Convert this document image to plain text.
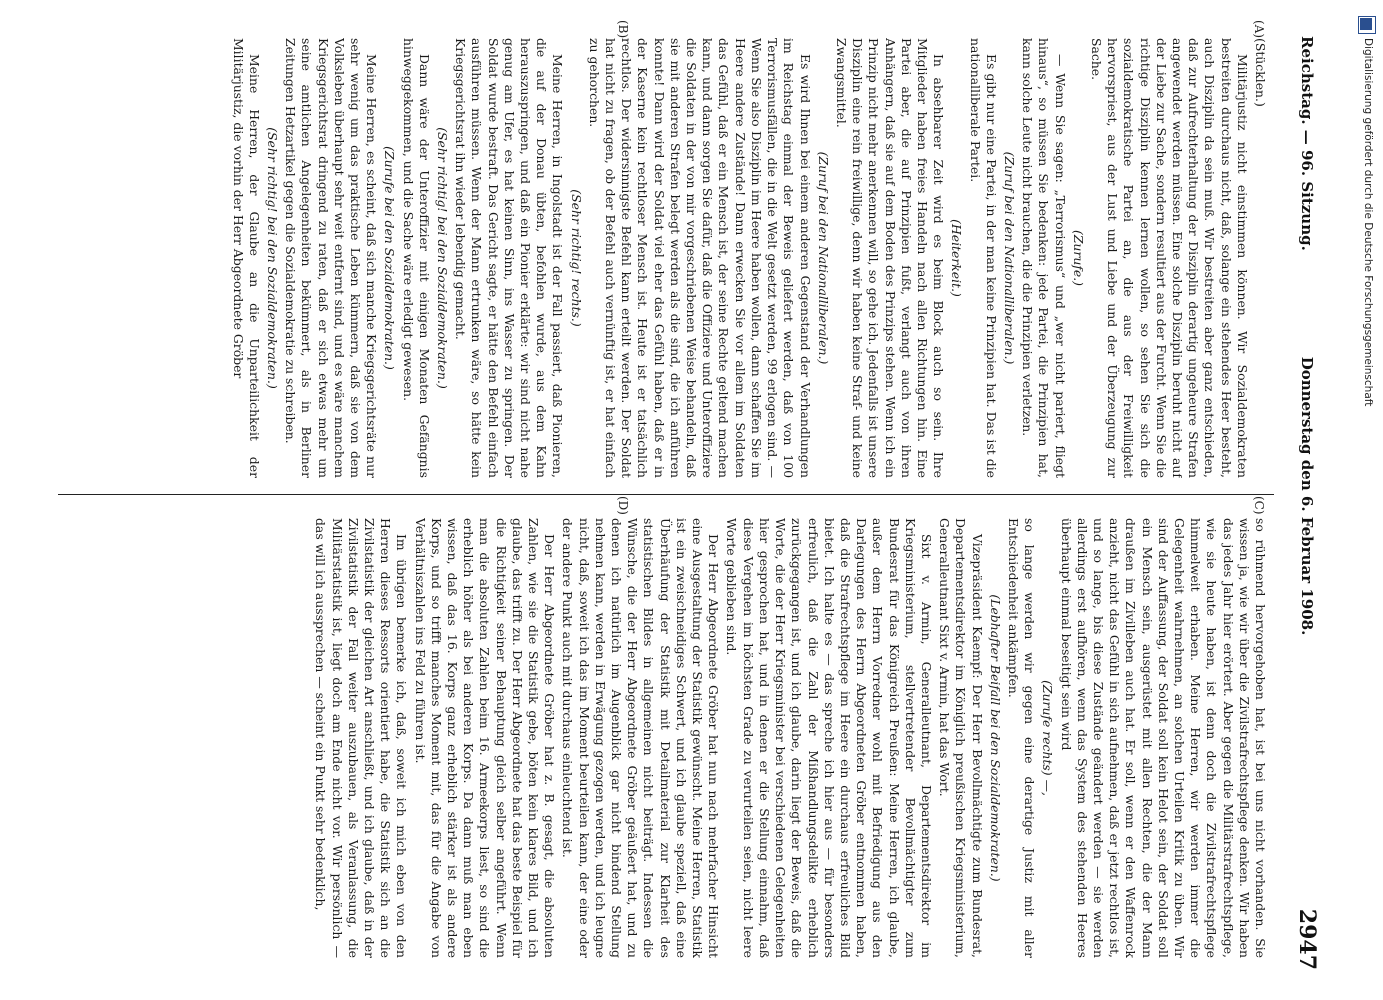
Reichstag. — 96. Sitzung.
Donnerstag den 6. Februar 1908.
2947
(A)
(B)
(C)
(D)

(Stücklen.)

Militärjustiz nicht einstimmen können. Wir Sozialdemokraten bestreiten durchaus nicht, daß, solange ein stehendes Heer besteht, auch Disziplin da sein muß. Wir bestreiten aber ganz entschieden, daß zur Aufrechterhaltung der Disziplin derartig ungeheure Strafen angewendet werden müssen. Eine solche Disziplin beruht nicht auf der Liebe zur Sache, sondern resultiert aus der Furcht. Wenn Sie die richtige Disziplin kennen lernen wollen, so sehen Sie sich die sozialdemokratische Partei an, die aus der Freiwilligkeit hervorspriest, aus der Lust und Liebe und der Überzeugung zur Sache.

(Zurufe.)

— Wenn Sie sagen: „Terrorismus“ und „wer nicht pariert, fliegt hinaus“, so müssen Sie bedenken: jede Partei, die Prinzipien hat, kann solche Leute nicht brauchen, die die Prinzipien verletzen.

(Zuruf bei den Nationalliberalen.)

Es gibt nur eine Partei, in der man keine Prinzipien hat. Das ist die nationalliberale Partei.

(Heiterkeit.)

In absehbarer Zeit wird es beim Block auch so sein. Ihre Mitglieder haben freies Handeln nach allen Richtungen hin. Eine Partei aber, die auf Prinzipien fußt, verlangt auch von ihren Anhängern, daß sie auf dem Boden des Prinzips stehen. Wenn ich ein Prinzip nicht mehr anerkennen will, so gehe ich. Jedenfalls ist unsere Disziplin eine rein freiwillige, denn wir haben keine Straf- und keine Zwangsmittel.

(Zuruf bei den Nationalliberalen.)

Es wird Ihnen bei einem anderen Gegenstand der Verhandlungen im Reichstag einmal der Beweis geliefert werden, daß von 100 Terrorismusfällen, die in die Welt gesetzt werden, 99 erlogen sind. — Wenn Sie also Disziplin im Heere haben wollen, dann schaffen Sie im Heere andere Zustände! Dann erwecken Sie vor allem im Soldaten das Gefühl, daß er ein Mensch ist, der seine Rechte geltend machen kann, und dann sorgen Sie dafür, daß die Offiziere und Unteroffiziere die Soldaten in der von mir vorgeschriebenen Weise behandeln, daß sie mit anderen Strafen belegt werden als die sind, die ich anführen konnte! Dann wird der Soldat viel eher das Gefühl haben, daß er in der Kaserne kein rechtloser Mensch ist. Heute ist er tatsächlich rechtlos. Der widersinnigste Befehl kann erteilt werden. Der Soldat hat nicht zu fragen, ob der Befehl auch vernünftig ist, er hat einfach zu gehorchen.

(Sehr richtig! rechts.)

Meine Herren, in Ingolstadt ist der Fall passiert, daß Pionieren, die auf der Donau übten, befohlen wurde, aus dem Kahn herauszuspringen, und daß ein Pionier erklärte: wir sind nicht nahe genug am Ufer, es hat keinen Sinn, ins Wasser zu springen. Der Soldat wurde bestraft. Das Gericht sagte, er hätte den Befehl einfach ausführen müssen. Wenn der Mann ertrunken wäre, so hätte kein Kriegsgerichtsrat ihn wieder lebendig gemacht.

(Sehr richtig! bei den Sozialdemokraten.)

Dann wäre der Unteroffizier mit einigen Monaten Gefängnis hinweggekommen, und die Sache wäre erledigt gewesen.

(Zurufe bei den Sozialdemokraten.)

Meine Herren, es scheint, daß sich manche Kriegsgerichtsräte nur sehr wenig um das praktische Leben kümmern, daß sie von dem Volksleben überhaupt sehr weit entfernt sind, und es wäre manchem Kriegsgerichtsrat dringend zu raten, daß er sich etwas mehr um seine amtlichen Angelegenheiten bekümmert, als in Berliner Zeitungen Hetzartikel gegen die Sozialdemokratie zu schreiben.

(Sehr richtig! bei den Sozialdemokraten.)

Meine Herren, der Glaube an die Unparteilichkeit der Militärjustiz, die vorhin der Herr Abgeordnete Gröber

so rühmend hervorgehoben hat, ist bei uns nicht vorhanden. Sie wissen ja, wie wir über die Zivilstrafrechtspflege denken. Wir haben das jedes Jahr hier erörtert. Aber gegen die Militärstrafrechtspflege, wie sie heute haben, ist denn doch die Zivilstrafrechtspflege himmelweit erhaben. Meine Herren, wir werden immer die Gelegenheit wahrnehmen, an solchen Urteilen Kritik zu üben. Wir sind der Auffassung, der Soldat soll kein Helot sein, der Soldat soll ein Mensch sein, ausgerüstet mit allen Rechten, die der Mann draußen im Zivilleben auch hat. Er soll, wenn er den Waffenrock anzieht, nicht das Gefühl in sich aufnehmen, daß er jetzt rechtlos ist, und so lange, bis diese Zustände geändert werden — sie werden allerdings erst aufhören, wenn das System des stehenden Heeres überhaupt einmal beseitigt sein wird

(Zurufe rechts) —,

so lange werden wir gegen eine derartige Justiz mit aller Entschiedenheit ankämpfen.

(Lebhafter Beifall bei den Sozialdemokraten.)

Vizepräsident Kaempf: Der Herr Bevollmächtigte zum Bundesrat, Departementsdirektor im Königlich preußischen Kriegsministerium, Generalleutnant Sixt v. Armin, hat das Wort.

Sixt v. Armin, Generalleutnant, Departementsdirektor im Kriegsministerium, stellvertretender Bevollmächtigter zum Bundesrat für das Königreich Preußen: Meine Herren, ich glaube, außer dem Herrn Vorredner wohl mit Befriedigung aus den Darlegungen des Herrn Abgeordneten Gröber entnommen haben, daß die Strafrechtspflege im Heere ein durchaus erfreuliches Bild bietet. Ich halte es — das spreche ich hier aus — für besonders erfreulich, daß die Zahl der Mißhandlungsdelikte erheblich zurückgegangen ist, und ich glaube, darin liegt der Beweis, daß die Worte, die der Herr Kriegsminister bei verschiedenen Gelegenheiten hier gesprochen hat, und in denen er die Stellung einnahm, daß diese Vergehen im höchsten Grade zu verurteilen seien, nicht leere Worte geblieben sind.

Der Herr Abgeordnete Gröber hat nun nach mehrfacher Hinsicht eine Ausgestaltung der Statistik gewünscht. Meine Herren, Statistik ist ein zweischneidiges Schwert, und ich glaube speziell, daß eine Überhäufung der Statistik mit Detailmaterial zur Klarheit des statistischen Bildes in allgemeinen nicht beiträgt. Indessen die Wünsche, die der Herr Abgeordnete Gröber geäußert hat, und zu denen ich natürlich im Augenblick gar nicht bindend Stellung nehmen kann, werden in Erwägung gezogen werden, und ich leugne nicht, daß, soweit ich das im Moment beurteilen kann, der eine oder der andere Punkt auch mit durchaus einleuchtend ist.

Der Herr Abgeordnete Gröber hat z. B. gesagt, die absoluten Zahlen, wie sie die Statistik gebe, böten kein klares Bild, und ich glaube, das trifft zu. Der Herr Abgeordnete hat das beste Beispiel für die Richtigkeit seiner Behauptung gleich selber angeführt. Wenn man die absoluten Zahlen beim 16. Armeekorps liest, so sind die erheblich höher als bei anderen Korps. Da dann muß man eben wissen, daß das 16. Korps ganz erheblich stärker ist als andere Korps, und so trifft manches Moment mit, das für die Angabe von Verhältniszahlen ins Feld zu führen ist.

Im übrigen bemerke ich, daß, soweit ich mich eben von den Herren dieses Ressorts orientiert habe, die Statistik sich an die Zivilstatistik der gleichen Art anschließt, und ich glaube, daß in der Zivilstatistik der Fall weiter auszubauen, als Veranlassung, die Militärstatistik ist, liegt doch am Ende nicht vor. Wir persönlich — das will ich aussprechen — scheint ein Punkt sehr bedenklich,

Digitalisierung gefördert durch die Deutsche Forschungsgemeinschaft
